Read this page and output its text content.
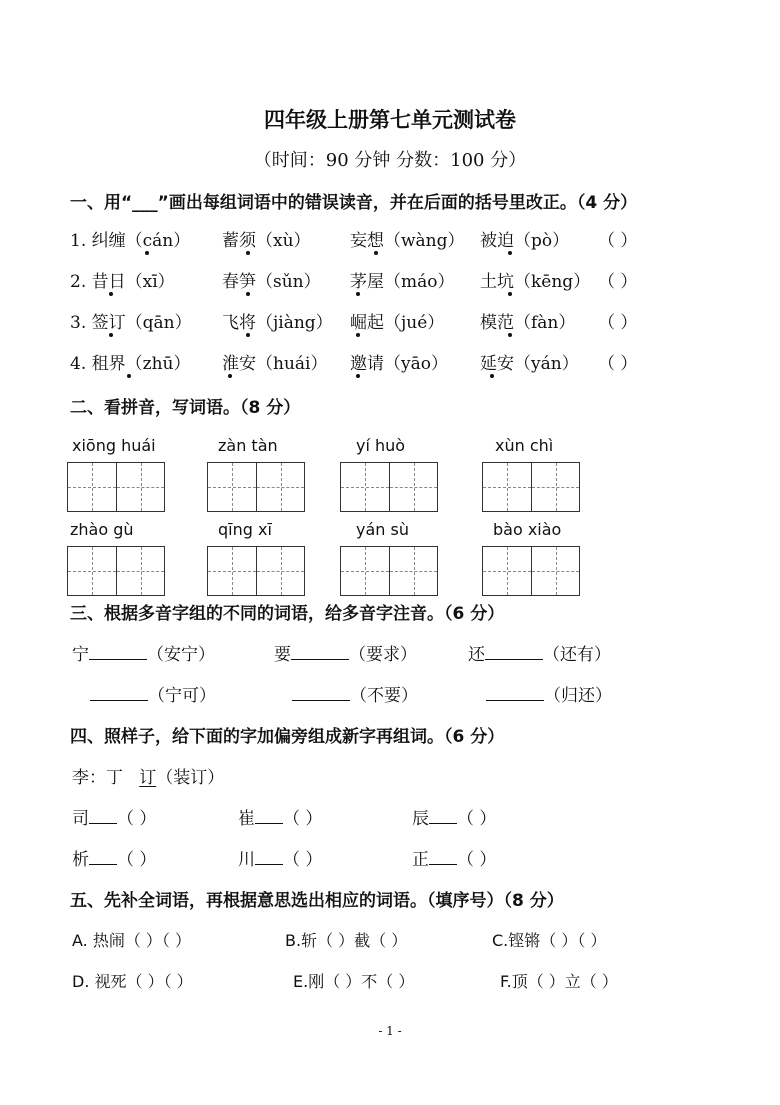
四年级上册第七单元测试卷
（时间：90 分钟 分数：100 分）
一、用“___”画出每组词语中的错误读音，并在后面的括号里改正。（4 分）
1. 纠缠（cán） 蓄须（xù） 妄想（wàng） 被迫（pò） （ ）
2. 昔日（xī）	春笋（sǔn） 茅屋（máo） 土坑（kēng） （ ）
3. 签订（qān） 飞将（jiàng） 崛起（jué） 模范（fàn） （ ）
4. 租界（zhū） 淮安（huái） 邀请（yāo） 延安（yán） （ ）
二、看拼音，写词语。（8 分）
xiōng huái	zàn tàn	yí huò	xùn chì
zhào gù	qīng xī	yán sù	bào xiào
三、根据多音字组的不同的词语，给多音字注音。（6 分）
宁	（安宁）	要	（要求）	还	（还有）
（宁可）	（不要）	（归还）
四、照样子，给下面的字加偏旁组成新字再组词。（6 分）
李：丁 订（装订）
司 （ ）	崔 （ ）	辰 （ ）
析 （ ）	川 （ ）	正 （ ）
五、先补全词语，再根据意思选出相应的词语。（填序号）（8 分）
A. 热闹（ ）（ ）	B.斩（ ）截（ ）	C.铿锵（ ）（ ）
D. 视死（ ）（ ）	E.刚（ ）不（ ）	F.顶（ ）立（ ）
- 1 -
